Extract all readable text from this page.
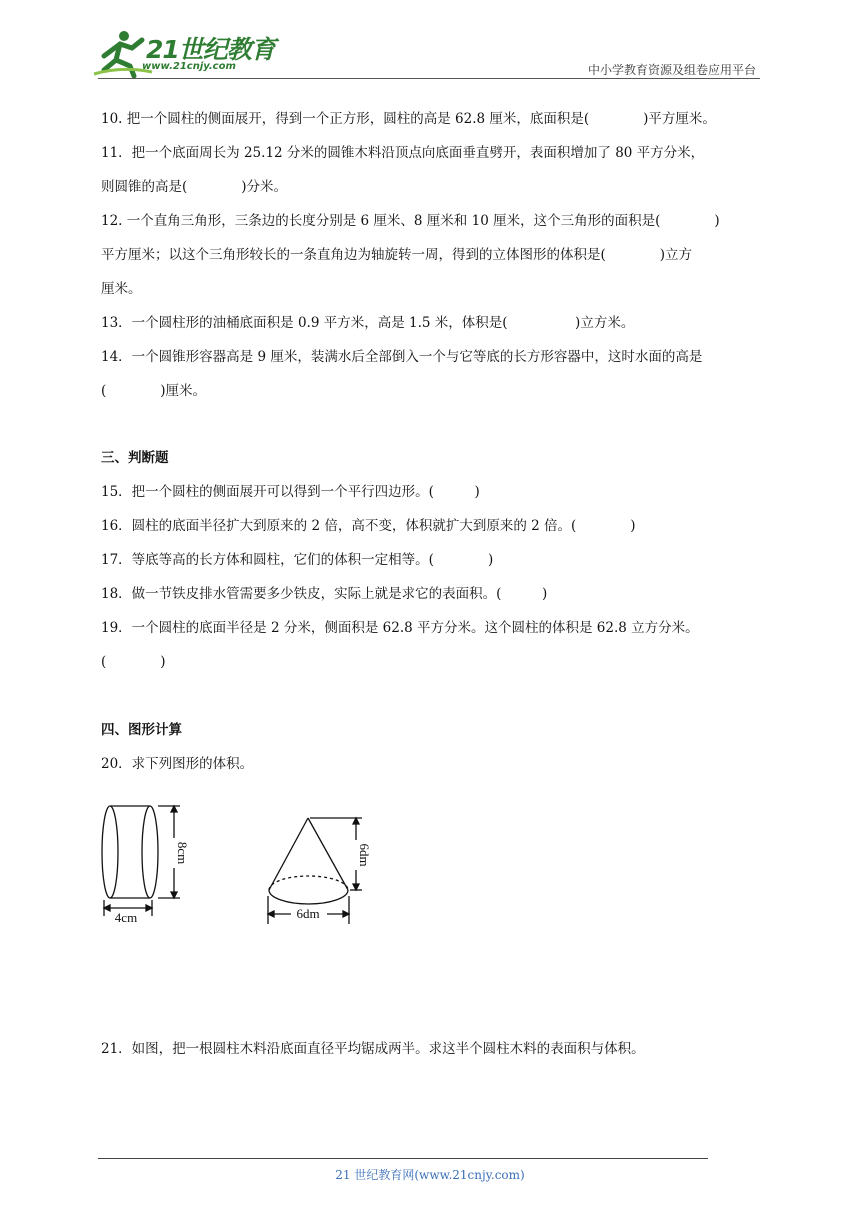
21世纪教育
www.21cnjy.com	中小学教育资源及组卷应用平台
10. 把一个圆柱的侧面展开，得到一个正方形，圆柱的高是 62.8 厘米，底面积是(　　　　)平方厘米。
11．把一个底面周长为 25.12 分米的圆锥木料沿顶点向底面垂直劈开，表面积增加了 80 平方分米，
则圆锥的高是(　　　　)分米。
12. 一个直角三角形，三条边的长度分别是 6 厘米、8 厘米和 10 厘米，这个三角形的面积是(　　　　)
平方厘米；以这个三角形较长的一条直角边为轴旋转一周，得到的立体图形的体积是(　　　　)立方
厘米。
13．一个圆柱形的油桶底面积是 0.9 平方米，高是 1.5 米，体积是(　　　　　)立方米。
14．一个圆锥形容器高是 9 厘米，装满水后全部倒入一个与它等底的长方形容器中，这时水面的高是
(　　　　)厘米。
三、判断题
15．把一个圆柱的侧面展开可以得到一个平行四边形。(　　　)
16．圆柱的底面半径扩大到原来的 2 倍，高不变，体积就扩大到原来的 2 倍。(　　　　)
17．等底等高的长方体和圆柱，它们的体积一定相等。(　　　　)
18．做一节铁皮排水管需要多少铁皮，实际上就是求它的表面积。(　　　)
19．一个圆柱的底面半径是 2 分米，侧面积是 62.8 平方分米。这个圆柱的体积是 62.8 立方分米。
(　　　　)
四、图形计算
20．求下列图形的体积。
8cm
4cm
6dm
6dm
21．如图，把一根圆柱木料沿底面直径平均锯成两半。求这半个圆柱木料的表面积与体积。
21 世纪教育网(www.21cnjy.com)
